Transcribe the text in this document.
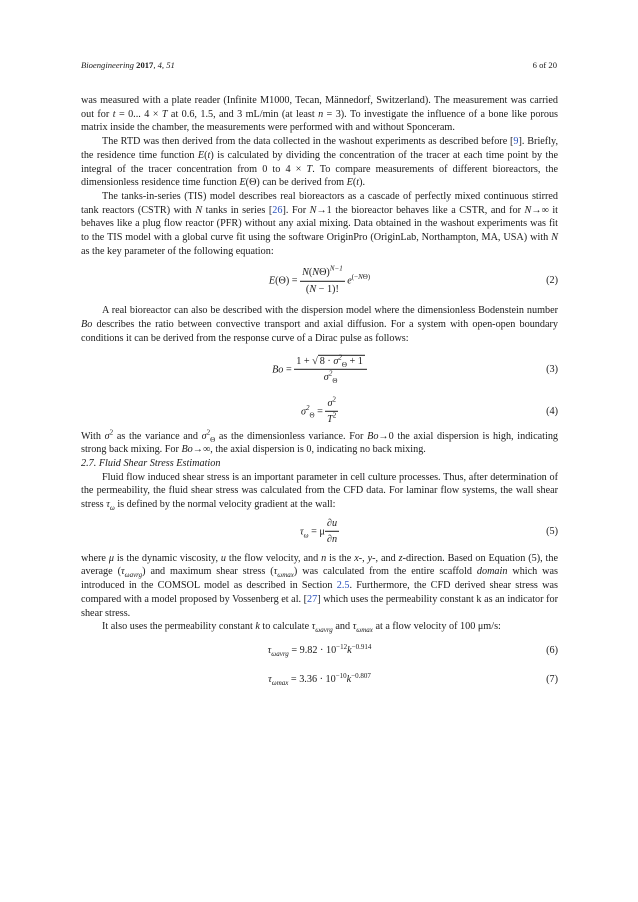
Bioengineering 2017, 4, 51	6 of 20

was measured with a plate reader (Infinite M1000, Tecan, Männedorf, Switzerland). The measurement was carried out for t = 0... 4 × T at 0.6, 1.5, and 3 mL/min (at least n = 3). To investigate the influence of a bone like porous matrix inside the chamber, the measurements were performed with and without Sponceram.

The RTD was then derived from the data collected in the washout experiments as described before [9]. Briefly, the residence time function E(t) is calculated by dividing the concentration of the tracer at each time point by the integral of the tracer concentration from 0 to 4 × T. To compare measurements of different bioreactors, the dimensionless residence time function E(Θ) can be derived from E(t).

The tanks-in-series (TIS) model describes real bioreactors as a cascade of perfectly mixed continuous stirred tank reactors (CSTR) with N tanks in series [26]. For N→1 the bioreactor behaves like a CSTR, and for N→∞ it behaves like a plug flow reactor (PFR) without any axial mixing. Data obtained in the washout experiments was fit to the TIS model with a global curve fit using the software OriginPro (OriginLab, Northampton, MA, USA) with N as the key parameter of the following equation:

$E(\Theta) = \frac{N(N\Theta)^{N-1}}{(N - 1)!} e^{(-N\Theta)}$	(2)

A real bioreactor can also be described with the dispersion model where the dimensionless Bodenstein number Bo describes the ratio between convective transport and axial diffusion. For a system with open-open boundary conditions it can be derived from the response curve of a Dirac pulse as follows:

$Bo = \frac{1 + √ 8 \cdot \sigma^2_\Theta + 1}{\sigma^2_\Theta}$	(3)
$\sigma^2_\Theta = \frac{\sigma^2}{T^2}$	(4)

With $\sigma^2$ as the variance and $\sigma^2_\Theta$ as the dimensionless variance. For Bo→0 the axial dispersion is high, indicating strong back mixing. For Bo→∞, the axial dispersion is 0, indicating no back mixing.

2.7. Fluid Shear Stress Estimation

Fluid flow induced shear stress is an important parameter in cell culture processes. Thus, after determination of the permeability, the fluid shear stress was calculated from the CFD data. For laminar flow systems, the wall shear stress $\tau_\omega$ is defined by the normal velocity gradient at the wall:

$\tau_\omega = \mu \frac{\partial u}{\partial n}$	(5)

where μ is the dynamic viscosity, u the flow velocity, and n is the x-, y-, and z-direction. Based on Equation (5), the average $(\tau_{\omega avrg})$ and maximum shear stress $(\tau_{\omega max})$ was calculated from the entire scaffold domain which was introduced in the COMSOL model as described in Section 2.5. Furthermore, the CFD derived shear stress was compared with a model proposed by Vossenberg et al. [27] which uses the permeability constant k as an indicator for shear stress.

It also uses the permeability constant k to calculate $\tau_{\omega avrg}$ and $\tau_{\omega max}$ at a flow velocity of 100 μm/s:

$\tau_{\omega avrg} = 9.82 \cdot 10^{-12}k^{-0.914}$	(6)
$\tau_{\omega max} = 3.36 \cdot 10^{-10}k^{-0.807}$	(7)
